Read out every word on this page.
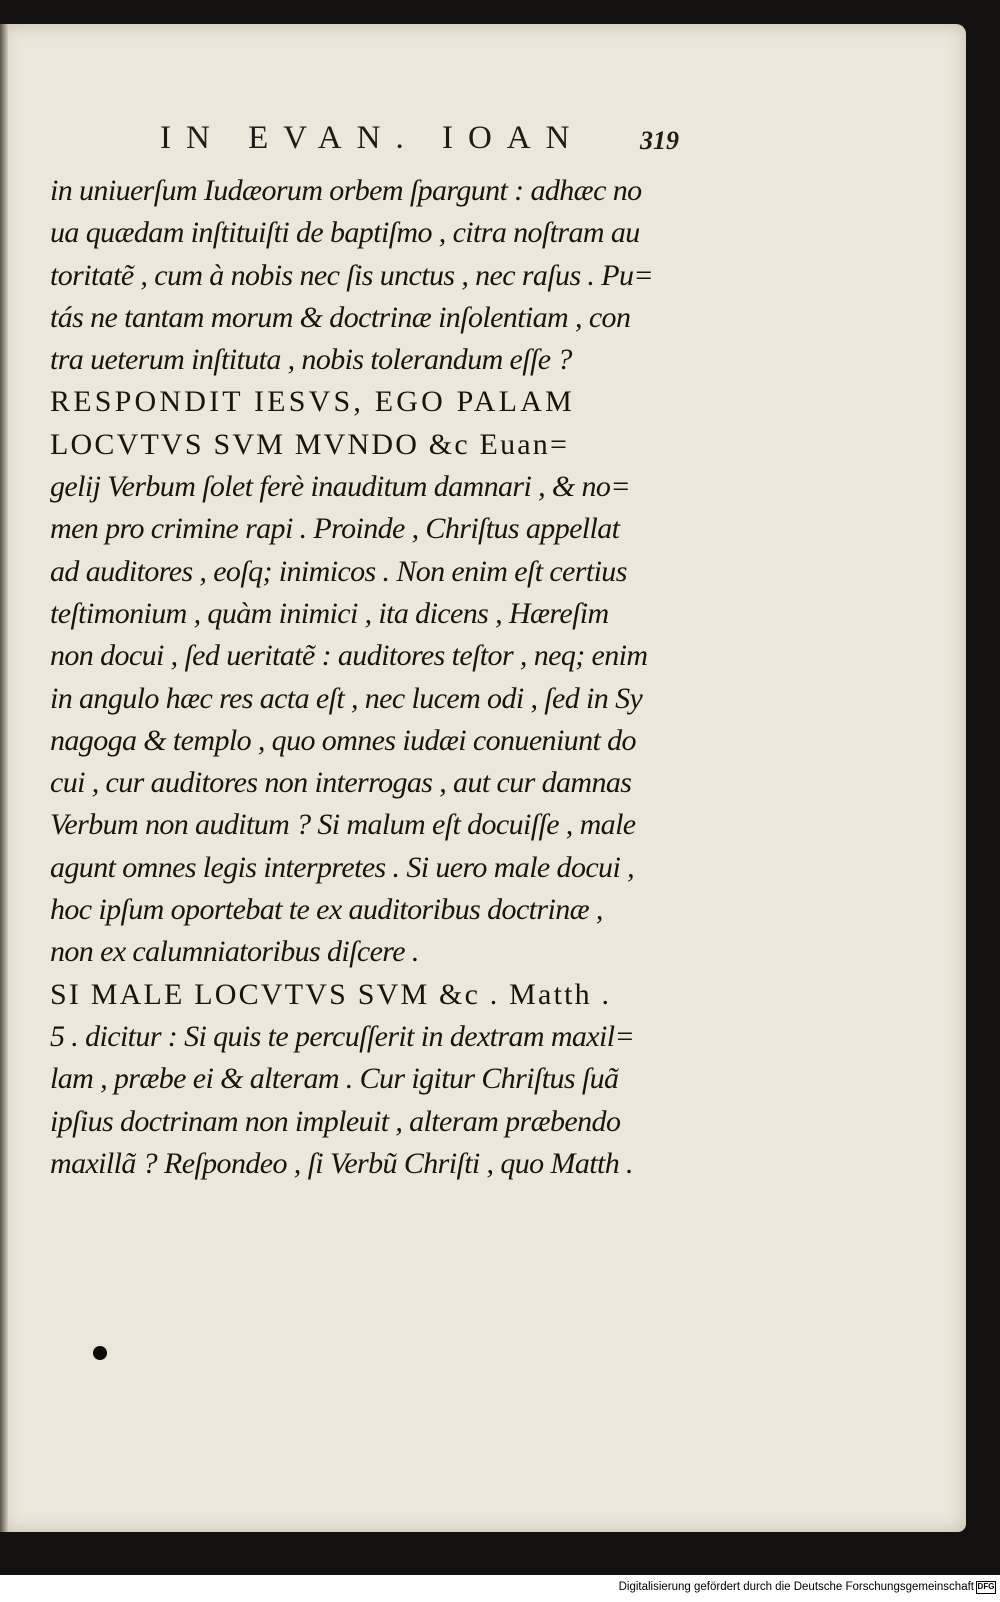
IN EVAN. IOAN 319
in uniuerſum Iudæorum orbem ſpargunt : adhæc no
ua quædam inſtituiſti de baptiſmo , citra noſtram au
toritatẽ , cum à nobis nec ſis unctus , nec raſus . Pu=
tás ne tantam morum & doctrinæ inſolentiam , con
tra ueterum inſtituta , nobis tolerandum eſſe ?
RESPONDIT IESVS, EGO PALAM
LOCVTVS SVM MVNDO &c Euan=
gelij Verbum ſolet ferè inauditum damnari , & no=
men pro crimine rapi . Proinde , Chriſtus appellat
ad auditores , eoſq; inimicos . Non enim eſt certius
teſtimonium , quàm inimici , ita dicens , Hæreſim
non docui , ſed ueritatẽ : auditores teſtor , neq; enim
in angulo hæc res acta eſt , nec lucem odi , ſed in Sy
nagoga & templo , quo omnes iudæi conueniunt do
cui , cur auditores non interrogas , aut cur damnas
Verbum non auditum ? Si malum eſt docuiſſe , male
agunt omnes legis interpretes . Si uero male docui ,
hoc ipſum oportebat te ex auditoribus doctrinæ ,
non ex calumniatoribus diſcere .
SI MALE LOCVTVS SVM &c . Matth .
5 . dicitur : Si quis te percuſſerit in dextram maxil=
lam , præbe ei & alteram . Cur igitur Chriſtus ſuã
ipſius doctrinam non impleuit , alteram præbendo
maxillã ? Reſpondeo , ſi Verbũ Chriſti , quo Matth .
Digitalisierung gefördert durch die Deutsche Forschungsgemeinschaft DFG
